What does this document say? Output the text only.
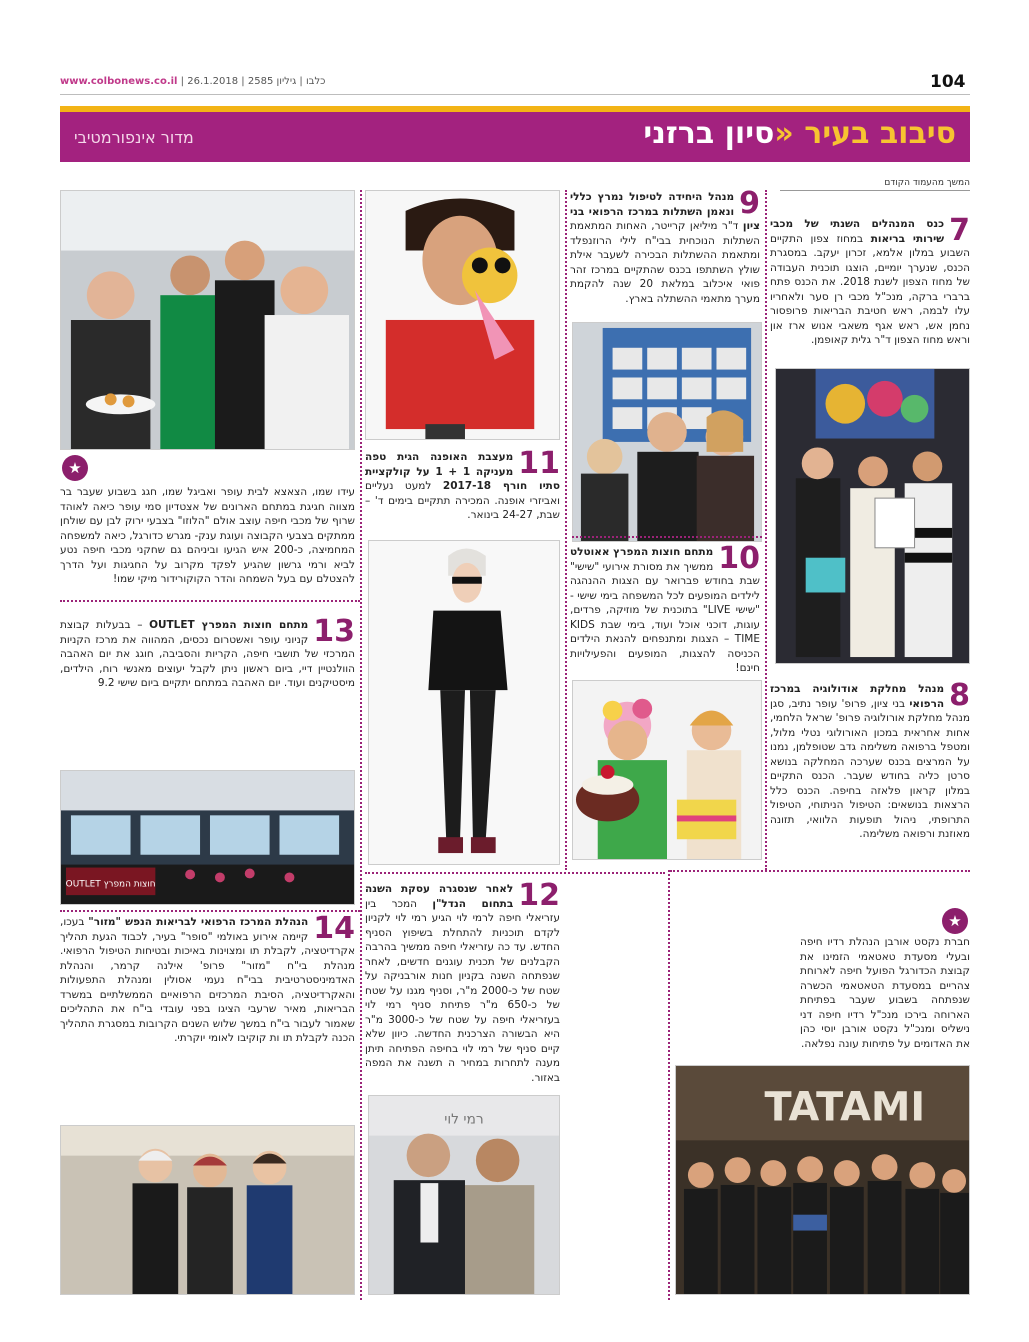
www.colbonews.co.il | כלבו | גיליון 2585 | 26.1.2018	104
סיבוב בעיר «סיון ברזני
מדור אינפורמטיבי
המשך מהעמוד הקודם
7
כנס המנהלים השנתי של מכבי שירותי בריאות במחוז צפון התקיים השבוע במלון אלמא, זכרון יעקב. במסגרת הכנס, שנערך יומיים, הוצגו תוכנית העבודה של מחוז הצפון לשנת 2018. את הכנס פתח ברברי ברקה, מנכ"ל מכבי רן סער ולאחריו עלו לבמה, ראש חטיבת הבריאות פרופסור נחמן אש, ראש אגף משאבי אנוש ארז און וראש מחוז הצפון ד"ר גלית קאופמן.
8
מנהל מחלקת אודולוגיה במרכז הרפואי בני ציון, פרופ' עופר נתיב, סגן מנהל מחלקת אורולוגיה פרופ' שראל הלחמי, אחות אחראית במכון האורולוגי נטלי מלול, ומטפל ברפואה משלימה גדב שטופלמן, נמנו על המרצים בכנס שערכה המחלקה בנושא סרטן כליה בחודש שעבר. הכנס התקיים במלון קראון פלאזה בחיפה. הכנס כלל הרצאות בנושאים: הטיפול הניתוחי, הטיפול התרופתי, ניהול תופעות הלוואי, תזונה מאוזנת ורפואה משלימה.
★
חברת נקסט אורבן הנהלת רדיו חיפה ובעלי מסעדת טאטאמי הזמינו את קבוצת הכדורגל הפועל חיפה לארוחת צהריים במסעדת הטאטאמי הכשרה שנפתחה בשבוע שעבר בפתיחת הארוחה בירכו מנכ"ל רדיו חיפה דני נישליס ומנכ"ל נקסט אורבן יוסי כהן את האדומים על פתיחות עונה נפלאה.
TATAMI
9
מנהל היחידה לטיפול נמרץ כללי ונאמן השתלות במרכז הרפואי בני ציון ד"ר מיליאן קרייטר, האחות המתאמת השתלות הנוכחית בבי"ח לילי הרוזנפלד ומתאמת ההשתלות הבכירה לשעבר אילת שולץ השתתפו בכנס שהתקיים במרכז זהר פואי איכלוב במלאת 20 שנה להקמת מערך מתאמי ההשתלה בארץ.
10
מתחם חוצות המפרץ אאוטלט ממשיך את מסורת אירועי "שישי" שבת בחודש פברואר עם הצגות ההנהגה לילדים המופעים לכל המשפחה בימי שישי - "שישי LIVE" בתוכנית של מוזיקה, פרדים, עוגות, דוכני אוכל ועוד, בימי שבת KIDS TIME – הצגות ומתנפחים להנאת הילדים הכניסה להצגות, המופעים והפעילויות חינם!
11
מעצבת האופנה הגית טפה מעניקה 1 + 1 על קולקציית סתיו חורף 2017-18 למעט נעליים ואביזרי אופנה. המכירה תתקיים בימים ד' – שבת, 24-27 בינואר.
12
לאחר שנסגרה עסקת השנה בתחום הנדל"ן המכר בין עזריאלי חיפה לרמי לוי הגיע רמי לוי לקניון לקדם תוכניות להתחלת בשיפוץ הסניף החדש. עד כה עזריאלי חיפה ממשיך בהרבה הקבלנים של תכנית עוגנים חדשים, לאחר שנפתחה השנה בקניון חנות אורבניקה על שטח של כ-2000 מ"ר, וסניף מגנו על שטח של כ-650 מ"ר פתיחת סניף רמי לוי בעזריאלי חיפה על שטח של כ-3000 מ"ר היא הבשורה הצרכנית החדשה. כיוון שלא קיים סניף של רמי לוי בחיפה הפתיחה תיתן מענה לתחרות במחיר ה תשנה את המפה באזור.
רמי לוי
★
עידו שמו, הצאצא לבית עופר ואביגל שמו, חגג בשבוע שעבר בר מצווה חגיגת במתחם הארונים של אצטדיון סמי עופר כיאה לאוהד שרוף של מכבי חיפה עוצב אולם "הלוזו" בצבעי ירוק לבן עם שולחן ממתקים בצבעי הקבוצה ועוגת ענק- מגרש כדורגל, כיאה למשפחה המחמיצה, כ-200 איש הגיעו וביניהם גם שחקני מכבי חיפה נטע לביא ורמי גרשון שהגיע לפקד מקרוב על החגיגות ועל הדרך להצטלם עם בעל השמחה והדר הקוקורידור מיקי שמו!
13
מתחם חוצות המפרץ OUTLET – בבעלות קבוצת קניוני עופר ואשטרום נכסים, המהווה את מרכז הקניות המרכזי של תושבי חיפה, הקריות והסביבה, חוגג את יום האהבה הוולנטיין דיי, ביום ראשון ניתן לקבל יעוצים מאנשי רוח, הילדים, מיסטיקנים ועוד. יום האהבה במתחם יתקיים ביום שישי 9.2
חוצות המפרץ OUTLET
14
הנהלת המרכז הרפואי לבריאות הנפש "מזור" בעכו, קיימה אירוע באולמי "סופר" בעיר, לכבוד הגעת תהליך אקרדיטציה, לקבלת תו ומצוינות באיכות ובטיחות הטיפול הרפואי. מנהלת בי"ח "מזור" פרופ' אילנה קרמר, והנהלת האדמיניסטרטיבית בבי"ח נעמי אסולין ומנהלת התפעולות והאקרדיטציה, הסיבת המרכזים הרפואיים הממשלתיים במשרד הבריאות, מאיר שרעבי הציגו בפני עובדי בי"ח את התהליכים שאמור לעבור בי"ח במשך שלוש השנים הקרובות במסגרת התהליך הכנה לקבלת תו ות קוקיבו לאומי יוקרתי.
